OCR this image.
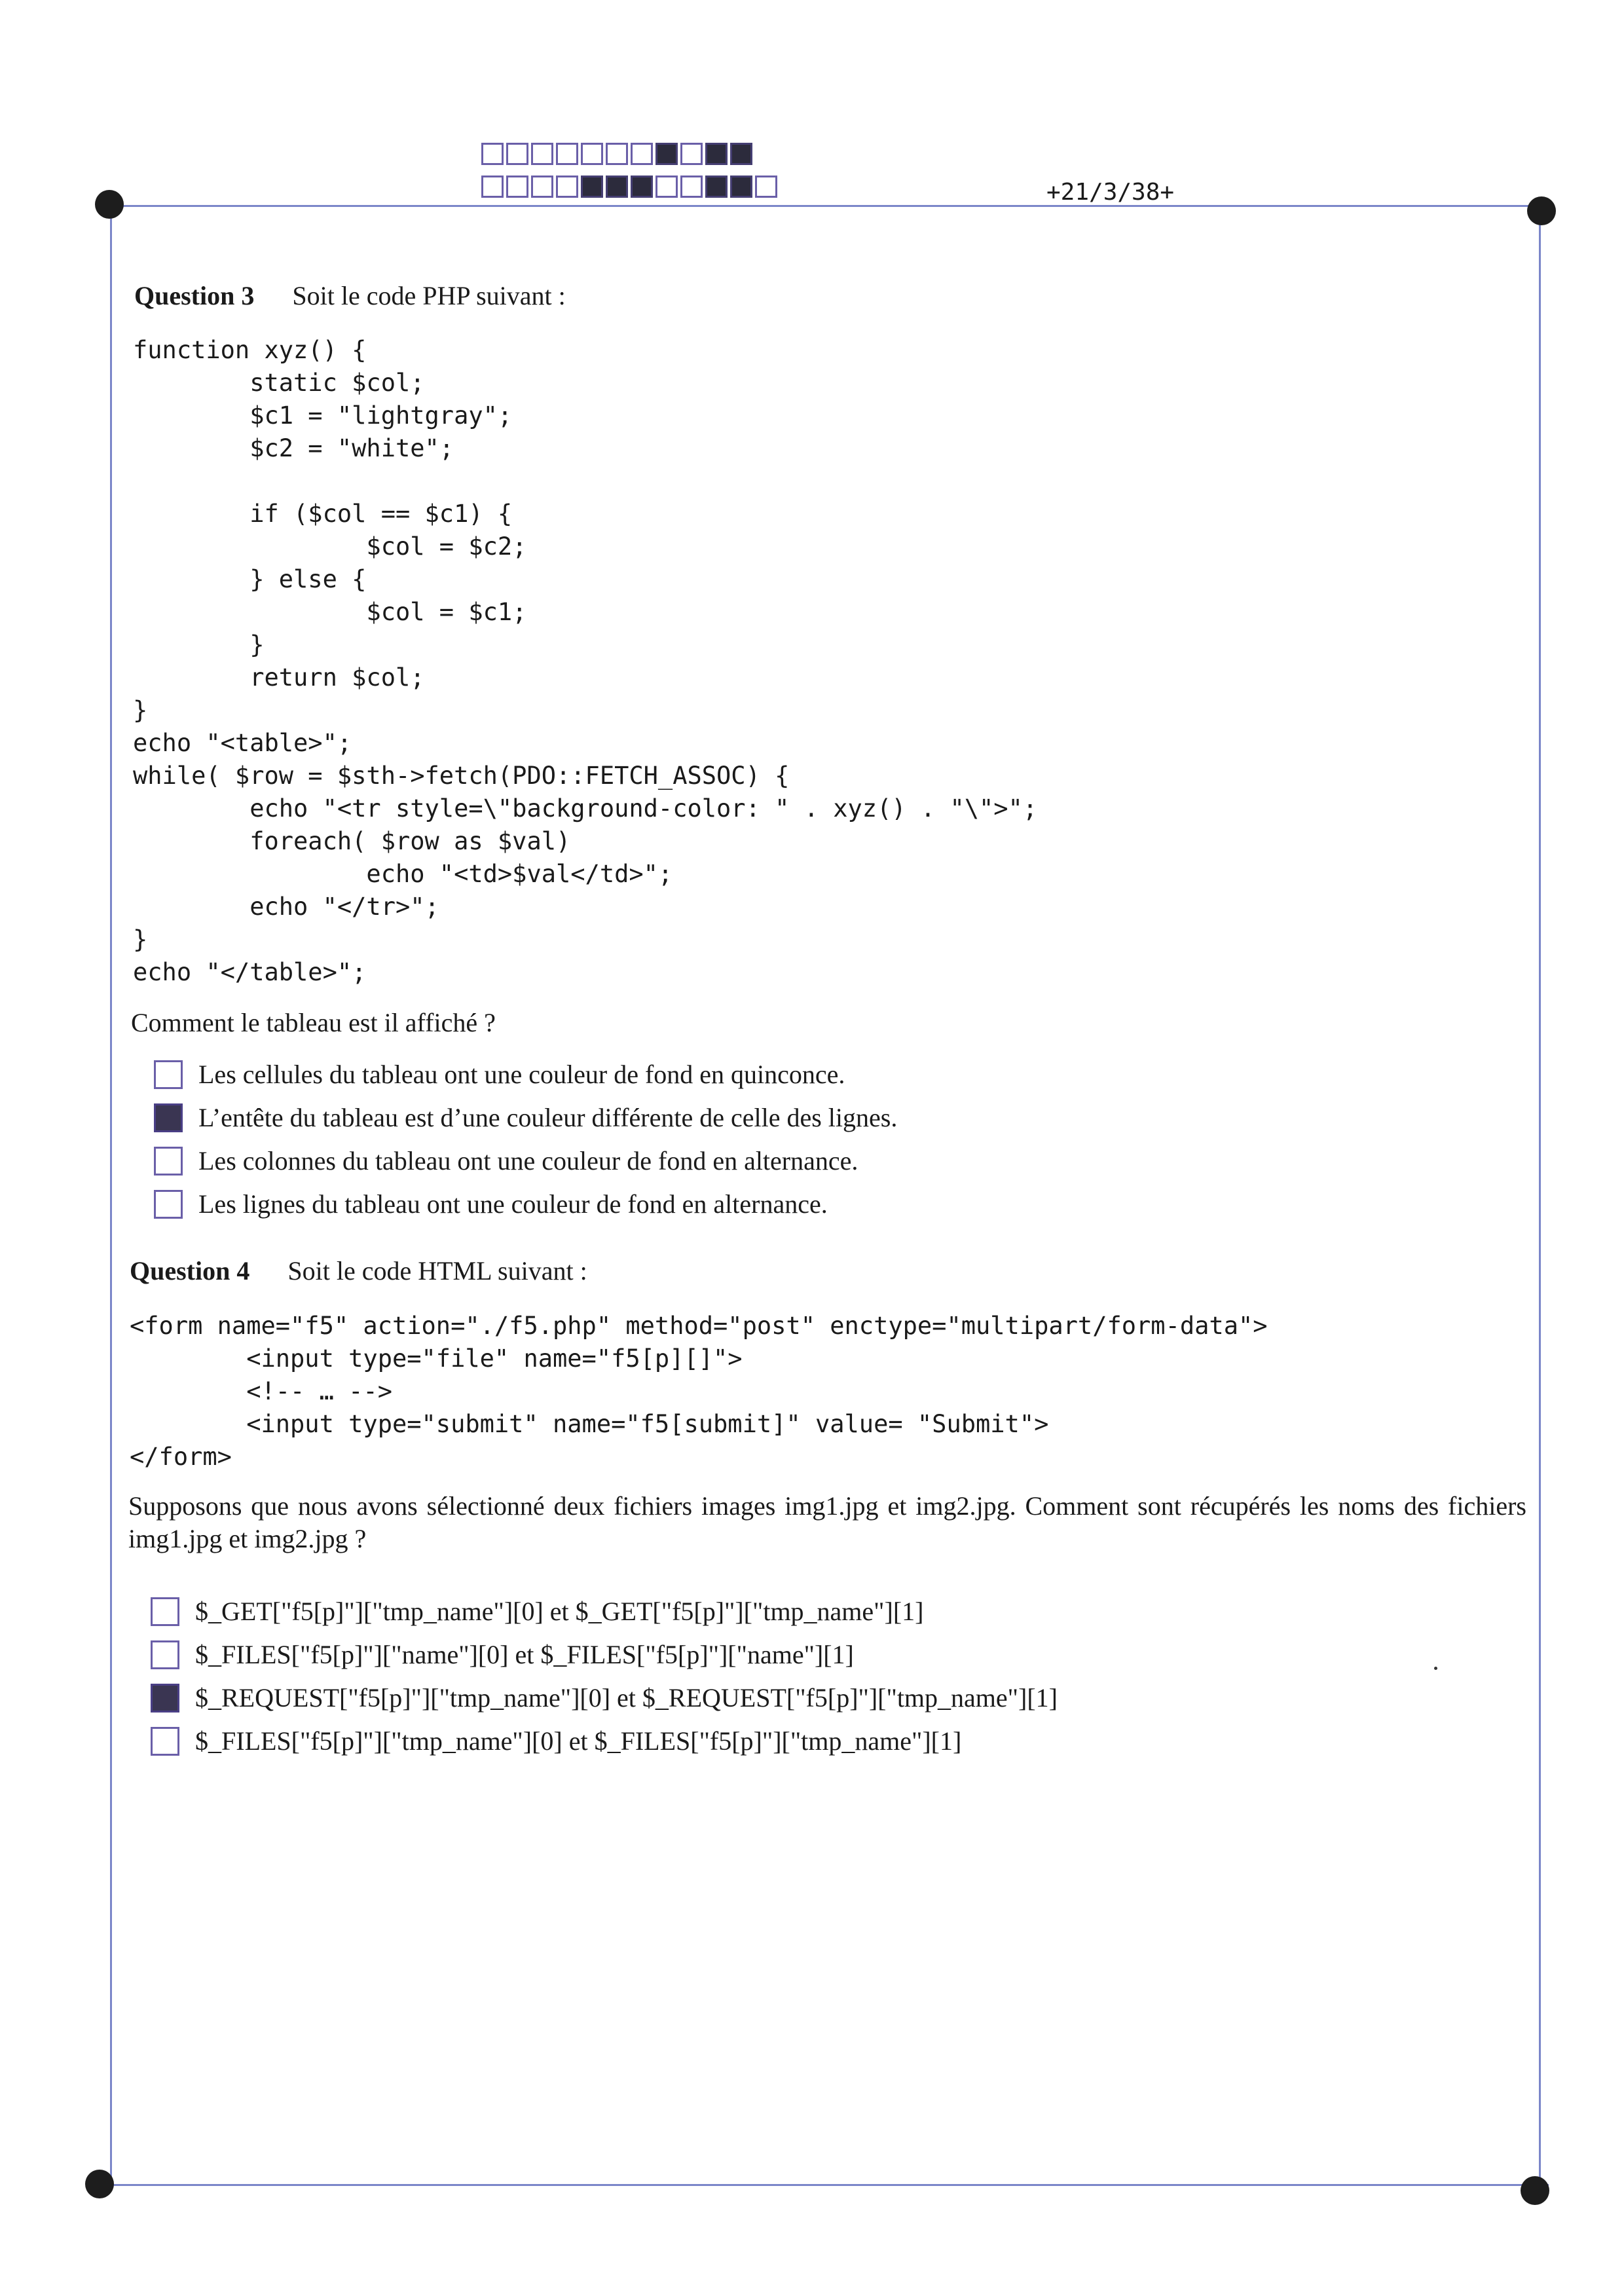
+21/3/38+
Question 3 Soit le code PHP suivant :
function xyz() {
static $col;
$c1 = "lightgray";
$c2 = "white";

if ($col == $c1) {
$col = $c2;
} else {
$col = $c1;
}
return $col;
}
echo "<table>";
while( $row = $sth->fetch(PDO::FETCH_ASSOC) {
echo "<tr style=\"background-color: " . xyz() . "\">";
foreach( $row as $val)
echo "<td>$val</td>";
echo "</tr>";
}
echo "</table>";
Comment le tableau est il affiché ?
Les cellules du tableau ont une couleur de fond en quinconce.
L’entête du tableau est d’une couleur différente de celle des lignes.
Les colonnes du tableau ont une couleur de fond en alternance.
Les lignes du tableau ont une couleur de fond en alternance.
Question 4 Soit le code HTML suivant :
<form name="f5" action="./f5.php" method="post" enctype="multipart/form-data">
<input type="file" name="f5[p][]">
<!-- … -->
<input type="submit" name="f5[submit]" value= "Submit">
</form>
Supposons que nous avons sélectionné deux fichiers images img1.jpg et img2.jpg. Comment sont récupérés les noms des fichiers img1.jpg et img2.jpg ?
$_GET["f5[p]"]["tmp_name"][0] et $_GET["f5[p]"]["tmp_name"][1]
$_FILES["f5[p]"]["name"][0] et $_FILES["f5[p]"]["name"][1]
$_REQUEST["f5[p]"]["tmp_name"][0] et $_REQUEST["f5[p]"]["tmp_name"][1]
$_FILES["f5[p]"]["tmp_name"][0] et $_FILES["f5[p]"]["tmp_name"][1]
